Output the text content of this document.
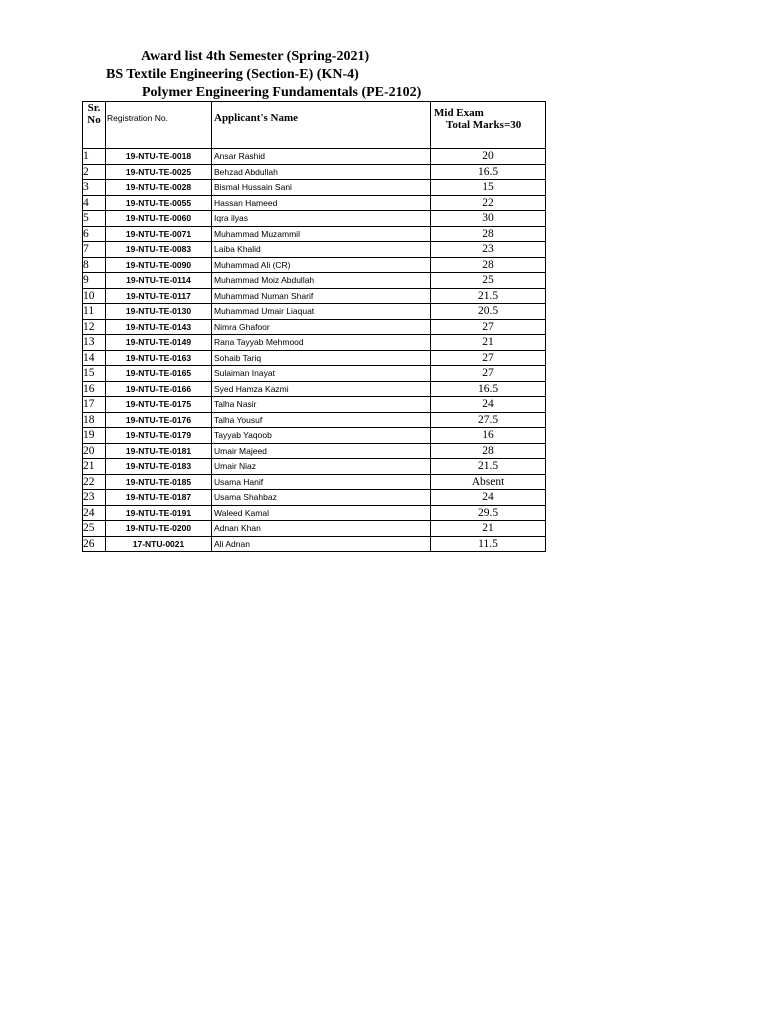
Award list 4th Semester (Spring-2021)
BS Textile Engineering (Section-E) (KN-4)
Polymer Engineering Fundamentals (PE-2102)
Sr.
No	Registration No.	Applicant's Name	Mid Exam
Total Marks=30

1	19-NTU-TE-0018	Ansar Rashid	20
2	19-NTU-TE-0025	Behzad Abdullah	16.5
3	19-NTU-TE-0028	Bismal Hussain Sani	15
4	19-NTU-TE-0055	Hassan Hameed	22
5	19-NTU-TE-0060	Iqra ilyas	30
6	19-NTU-TE-0071	Muhammad Muzammil	28
7	19-NTU-TE-0083	Laiba Khalid	23
8	19-NTU-TE-0090	Muhammad Ali (CR)	28
9	19-NTU-TE-0114	Muhammad Moiz Abdullah	25
10	19-NTU-TE-0117	Muhammad Numan Sharif	21.5
11	19-NTU-TE-0130	Muhammad Umair Liaquat	20.5
12	19-NTU-TE-0143	Nimra Ghafoor	27
13	19-NTU-TE-0149	Rana Tayyab Mehmood	21
14	19-NTU-TE-0163	Sohaib Tariq	27
15	19-NTU-TE-0165	Sulaiman Inayat	27
16	19-NTU-TE-0166	Syed Hamza Kazmi	16.5
17	19-NTU-TE-0175	Talha Nasir	24
18	19-NTU-TE-0176	Talha Yousuf	27.5
19	19-NTU-TE-0179	Tayyab Yaqoob	16
20	19-NTU-TE-0181	Umair Majeed	28
21	19-NTU-TE-0183	Umair Niaz	21.5
22	19-NTU-TE-0185	Usama Hanif	Absent
23	19-NTU-TE-0187	Usama Shahbaz	24
24	19-NTU-TE-0191	Waleed Kamal	29.5
25	19-NTU-TE-0200	Adnan Khan	21
26	17-NTU-0021	Ali Adnan	11.5
